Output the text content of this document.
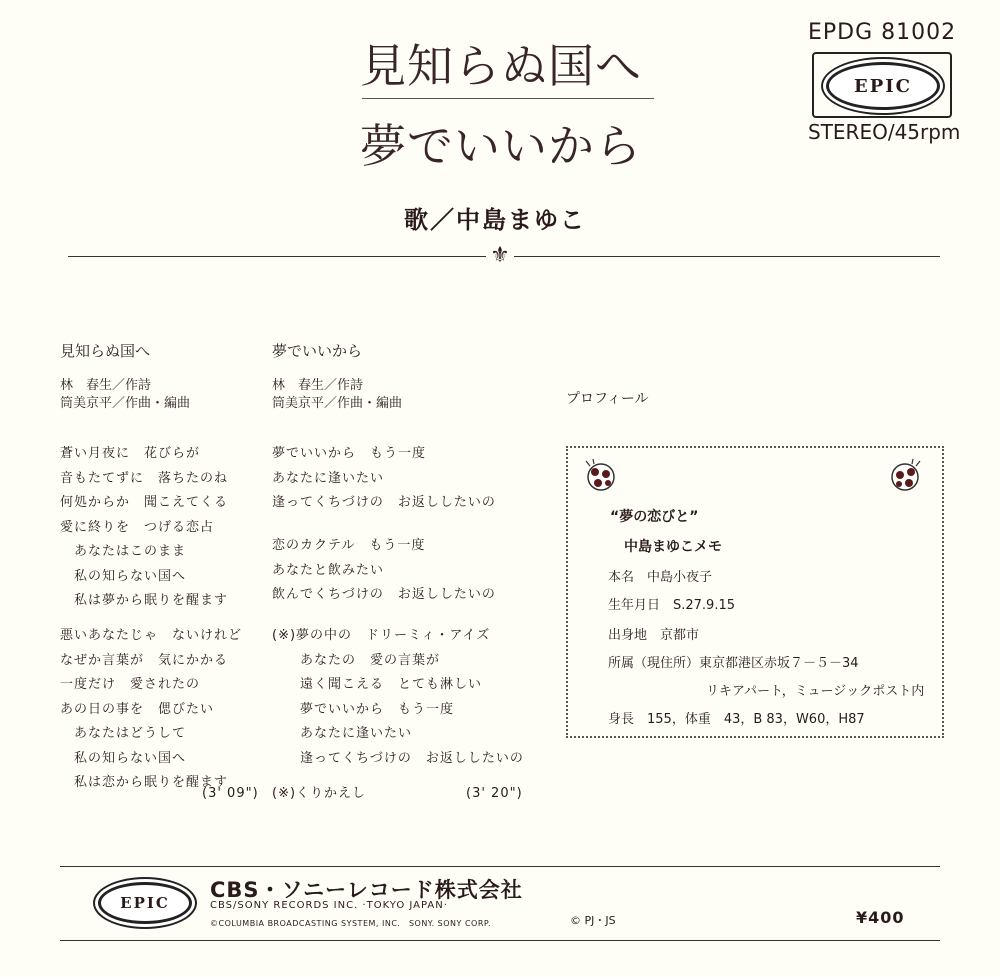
見知らぬ国へ
夢でいいから
歌／中島まゆこ
EPDG 81002
EPIC
STEREO/45rpm
⚜
見知らぬ国へ
林　春生／作詩
筒美京平／作曲・編曲
蒼い月夜に　花びらが
音もたてずに　落ちたのね
何処からか　聞こえてくる
愛に終りを　つげる恋占
　あなたはこのまま
　私の知らない国へ
　私は夢から眠りを醒ます
悪いあなたじゃ　ないけれど
なぜか言葉が　気にかかる
一度だけ　愛されたの
あの日の事を　偲びたい
　あなたはどうして
　私の知らない国へ
　私は恋から眠りを醒ます
(3' 09")
夢でいいから
林　春生／作詩
筒美京平／作曲・編曲
夢でいいから　もう一度
あなたに逢いたい
逢ってくちづけの　お返ししたいの
恋のカクテル　もう一度
あなたと飲みたい
飲んでくちづけの　お返ししたいの
(※)夢の中の　ドリーミィ・アイズ
　　あなたの　愛の言葉が
　　遠く聞こえる　とても淋しい
　　夢でいいから　もう一度
　　あなたに逢いたい
　　逢ってくちづけの　お返ししたいの
(※)くりかえし	(3' 20")
プロフィール
“夢の恋びと”
中島まゆこメモ
本名　中島小夜子
生年月日　S.27.9.15
出身地　京都市
所属（現住所）東京都港区赤坂７－５－34
リキアパート，ミュージックポスト内
身長　155，体重　43，B 83，W60，H87
EPIC
CBS・ソニーレコード株式会社
CBS/SONY RECORDS INC. ·TOKYO JAPAN·
©COLUMBIA BROADCASTING SYSTEM, INC.　SONY. SONY CORP.	© PJ・JS	¥400
